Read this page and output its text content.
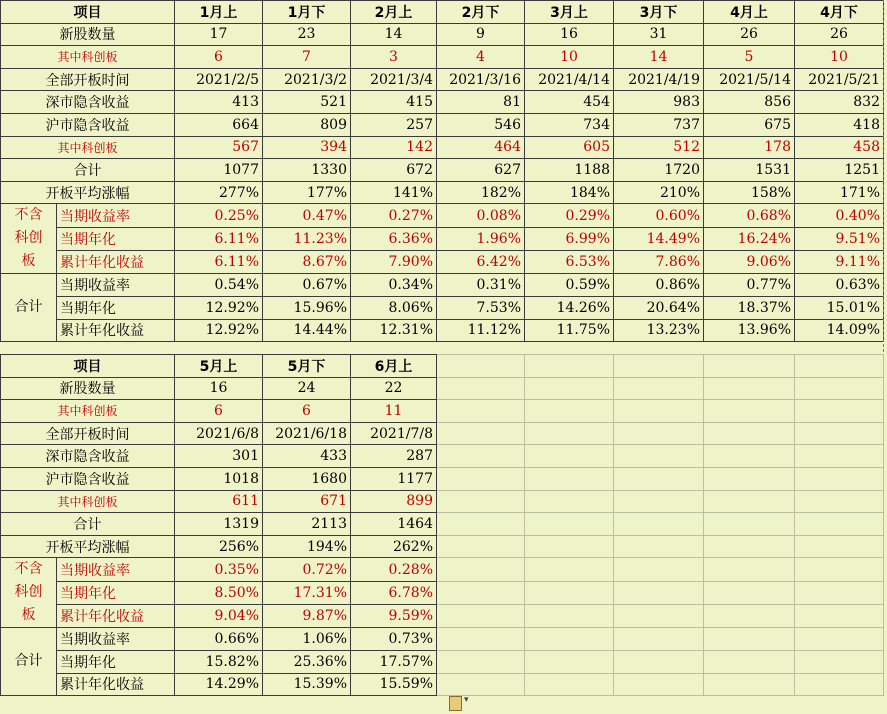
项目		1月上	1月下	2月上	2月下	3月上	3月下	4月上	4月下
新股数量		17	23	14	9	16	31	26	26
其中科创板		6	7	3	4	10	14	5	10
全部开板时间		2021/2/5	2021/3/2	2021/3/4	2021/3/16	2021/4/14	2021/4/19	2021/5/14	2021/5/21
深市隐含收益		413	521	415	81	454	983	856	832
沪市隐含收益		664	809	257	546	734	737	675	418
其中科创板		567	394	142	464	605	512	178	458
合计		1077	1330	672	627	1188	1720	1531	1251
开板平均涨幅		277%	177%	141%	182%	184%	210%	158%	171%

不含
科创
板	当期收益率	0.25%	0.47%	0.27%	0.08%	0.29%	0.60%	0.68%	0.40%
	当期年化	6.11%	11.23%	6.36%	1.96%	6.99%	14.49%	16.24%	9.51%
	累计年化收益	6.11%	8.67%	7.90%	6.42%	6.53%	7.86%	9.06%	9.11%
合计	当期收益率	0.54%	0.67%	0.34%	0.31%	0.59%	0.86%	0.77%	0.63%
	当期年化	12.92%	15.96%	8.06%	7.53%	14.26%	20.64%	18.37%	15.01%
	累计年化收益	12.92%	14.44%	12.31%	11.12%	11.75%	13.23%	13.96%	14.09%
项目		5月上	5月下	6月上					
新股数量		16	24	22					
其中科创板		6	6	11					
全部开板时间		2021/6/8	2021/6/18	2021/7/8					
深市隐含收益		301	433	287					
沪市隐含收益		1018	1680	1177					
其中科创板		611	671	899					
合计		1319	2113	1464					
开板平均涨幅		256%	194%	262%					

不含
科创
板	当期收益率	0.35%	0.72%	0.28%					
	当期年化	8.50%	17.31%	6.78%					
	累计年化收益	9.04%	9.87%	9.59%					
合计	当期收益率	0.66%	1.06%	0.73%					
	当期年化	15.82%	25.36%	17.57%					
	累计年化收益	14.29%	15.39%	15.59%					
▾
